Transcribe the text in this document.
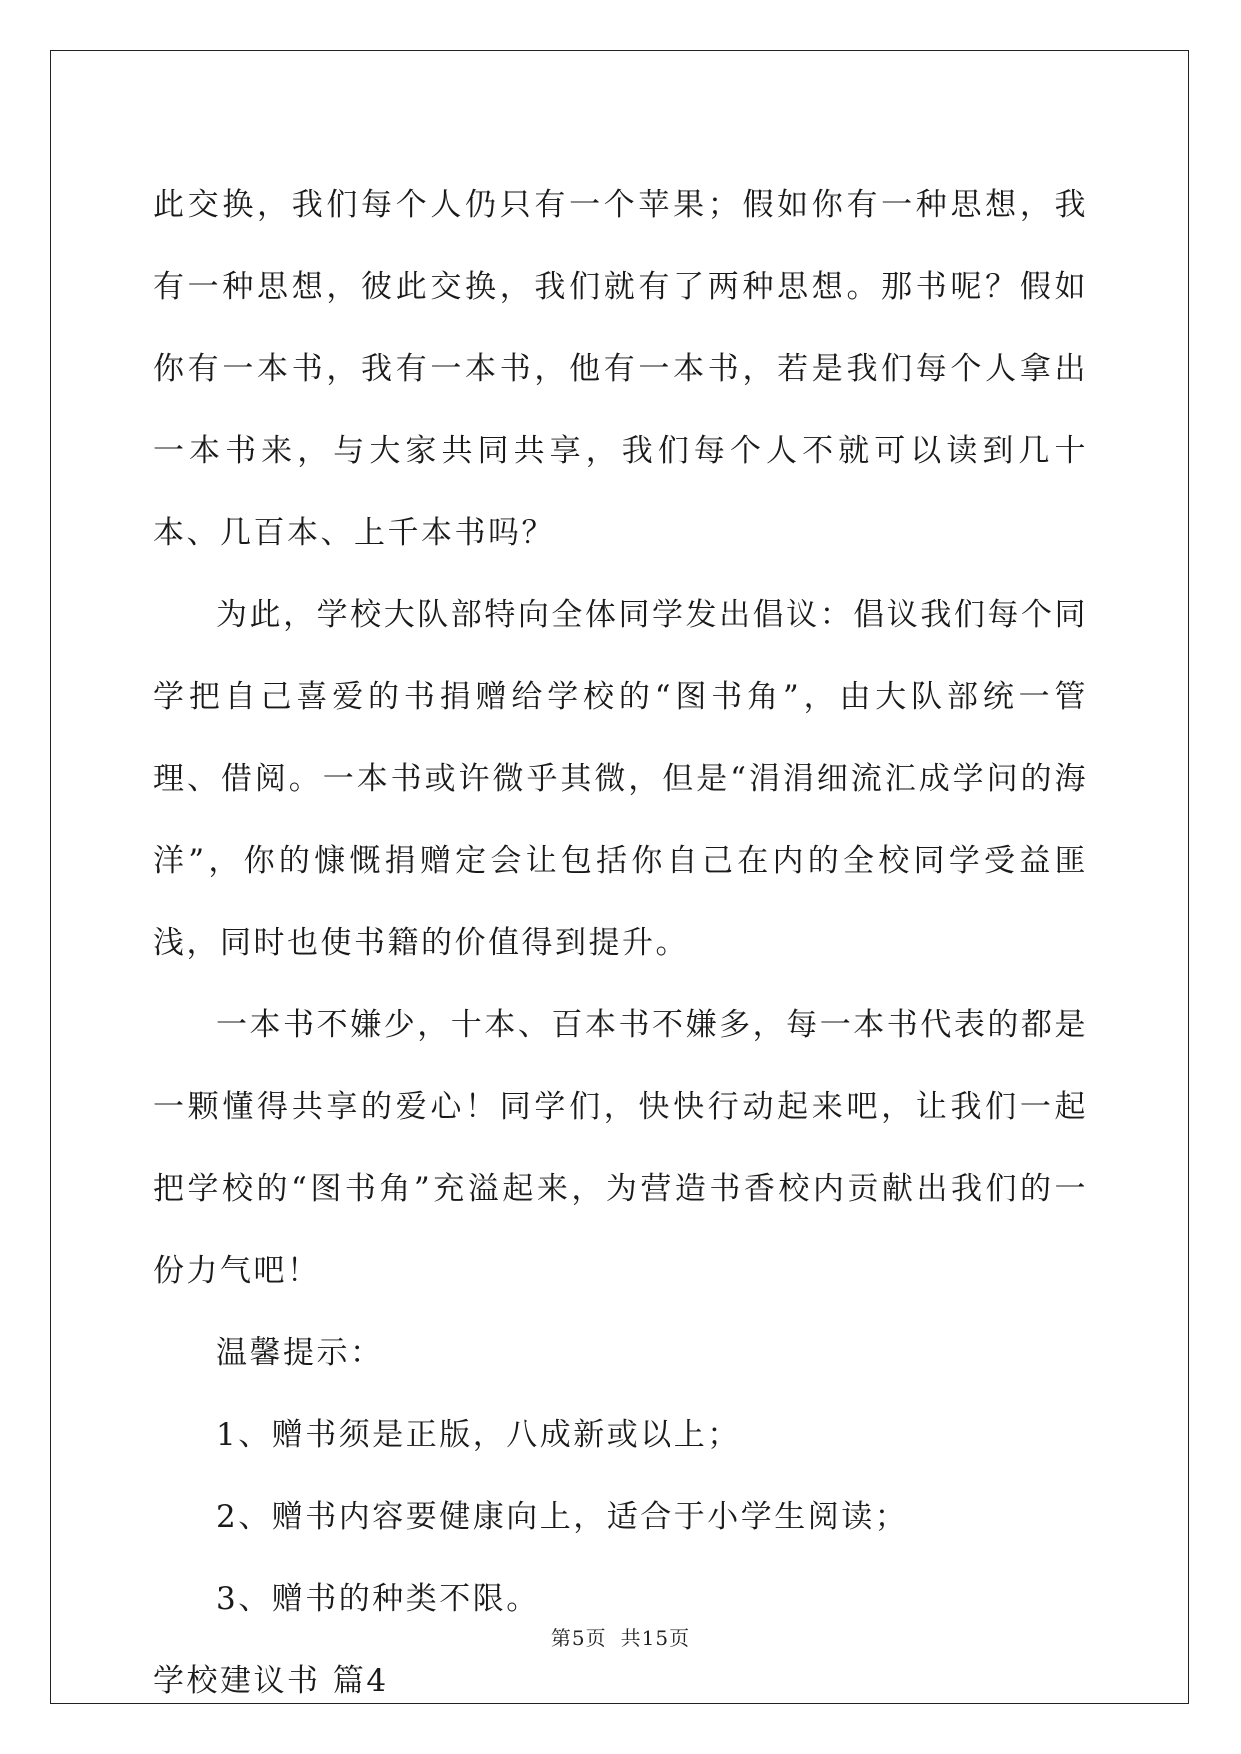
此交换，我们每个人仍只有一个苹果；假如你有一种思想，我有一种思想，彼此交换，我们就有了两种思想。那书呢？假如你有一本书，我有一本书，他有一本书，若是我们每个人拿出一本书来，与大家共同共享，我们每个人不就可以读到几十本、几百本、上千本书吗？

为此，学校大队部特向全体同学发出倡议：倡议我们每个同学把自己喜爱的书捐赠给学校的“图书角”，由大队部统一管理、借阅。一本书或许微乎其微，但是“涓涓细流汇成学问的海洋”，你的慷慨捐赠定会让包括你自己在内的全校同学受益匪浅，同时也使书籍的价值得到提升。

一本书不嫌少，十本、百本书不嫌多，每一本书代表的都是一颗懂得共享的爱心！同学们，快快行动起来吧，让我们一起把学校的“图书角”充溢起来，为营造书香校内贡献出我们的一份力气吧！

温馨提示：

1、赠书须是正版，八成新或以上；

2、赠书内容要健康向上，适合于小学生阅读；

3、赠书的种类不限。

学校建议书 篇4

第5页 共15页
